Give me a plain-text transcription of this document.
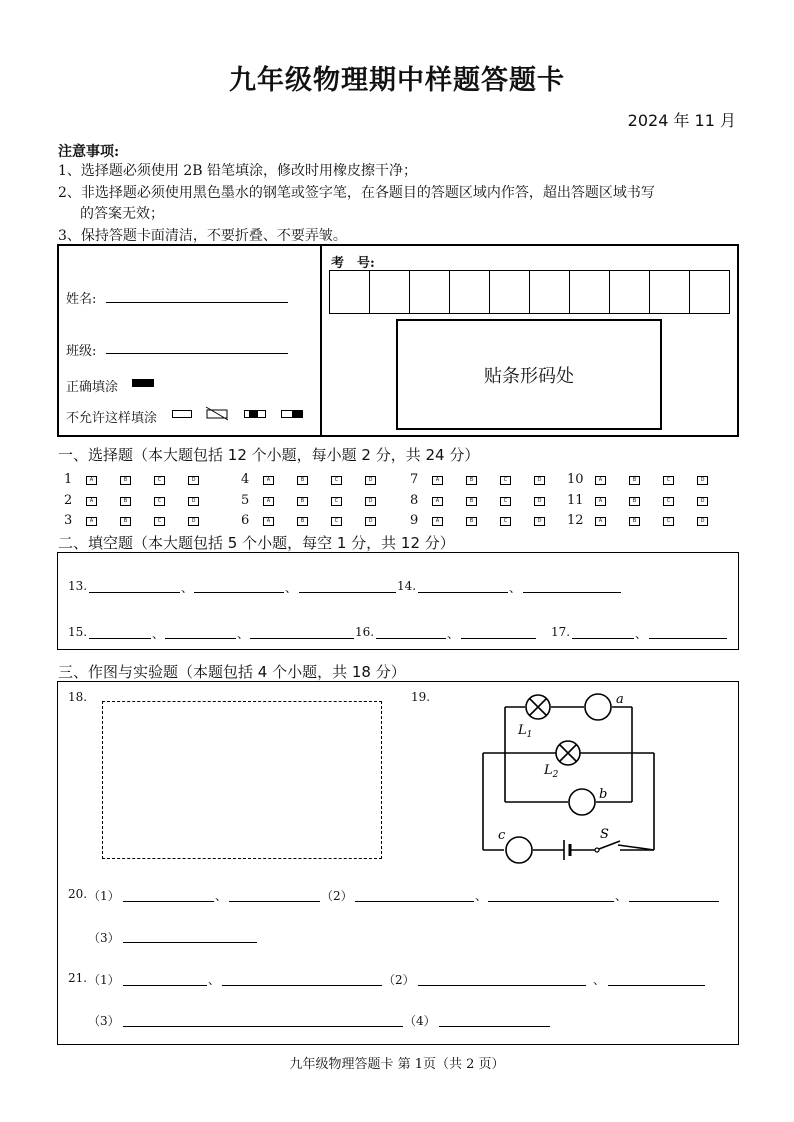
九年级物理期中样题答题卡
2024 年 11 月
注意事项:
1、选择题必须使用 2B 铅笔填涂，修改时用橡皮擦干净；
2、非选择题必须使用黑色墨水的钢笔或签字笔，在各题目的答题区域内作答，超出答题区域书写
的答案无效；
3、保持答题卡面清洁，不要折叠、不要弄皱。
姓名:
班级:
正确填涂
不允许这样填涂
考　号:
贴条形码处
一、选择题（本大题包括 12 个小题，每小题 2 分，共 24 分）
1	A	B	C	D
2	A	B	C	D
3	A	B	C	D
4	A	B	C	D
5	A	B	C	D
6	A	B	C	D
7	A	B	C	D
8	A	B	C	D
9	A	B	C	D
10	A	B	C	D
11	A	B	C	D
12	A	B	C	D
二、填空题（本大题包括 5 个小题，每空 1 分，共 12 分）
13.	、	、	14.	、
15.	、	、	16.	、	17.	、
三、作图与实验题（本题包括 4 个小题，共 18 分）
18.	19.
$L_1$
$L_2$
a
b
c	S
20. （1）	、	（2）	、	、
（3）
21. （1）	、	（2）	、
（3）	（4）
九年级物理答题卡 第 1页（共 2 页）
